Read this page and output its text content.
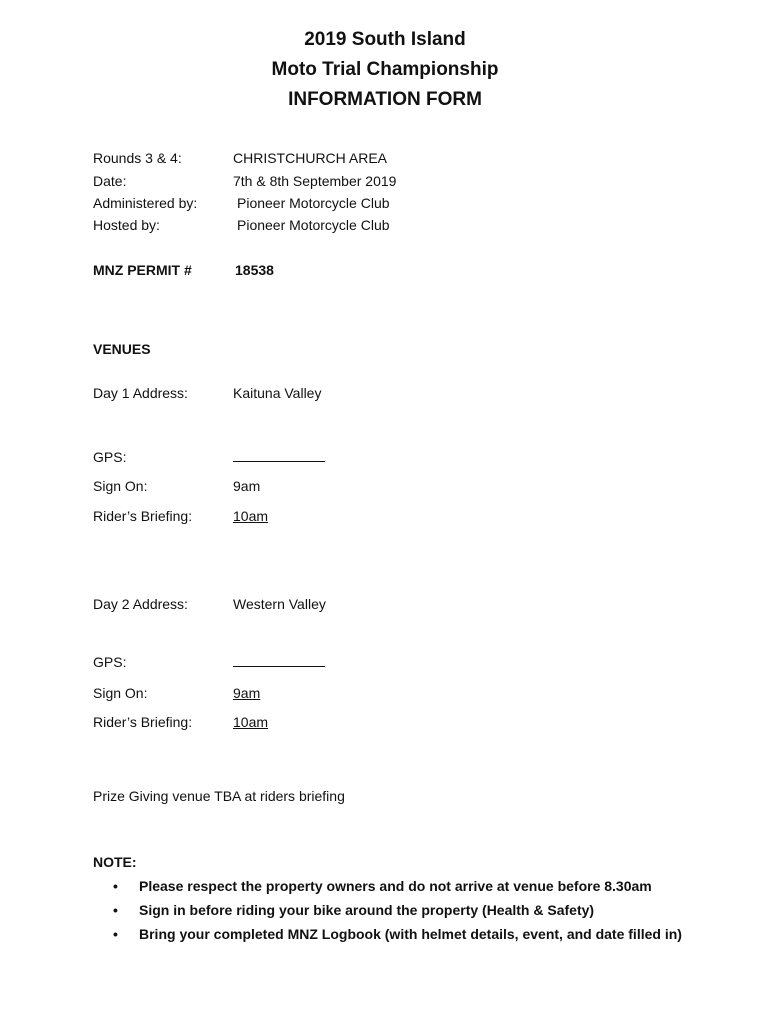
2019 South Island
Moto Trial Championship
INFORMATION FORM
Rounds 3 & 4:	CHRISTCHURCH AREA
Date:	7th & 8th September 2019
Administered by:	Pioneer Motorcycle Club
Hosted by:	Pioneer Motorcycle Club
MNZ PERMIT #	18538
VENUES
Day 1 Address:	Kaituna Valley
GPS:
Sign On:	9am
Rider’s Briefing:	10am
Day 2 Address:	Western Valley
GPS:
Sign On:	9am
Rider’s Briefing:	10am
Prize Giving venue TBA at riders briefing
NOTE:
• Please respect the property owners and do not arrive at venue before 8.30am
• Sign in before riding your bike around the property (Health & Safety)
• Bring your completed MNZ Logbook (with helmet details, event, and date filled in)
